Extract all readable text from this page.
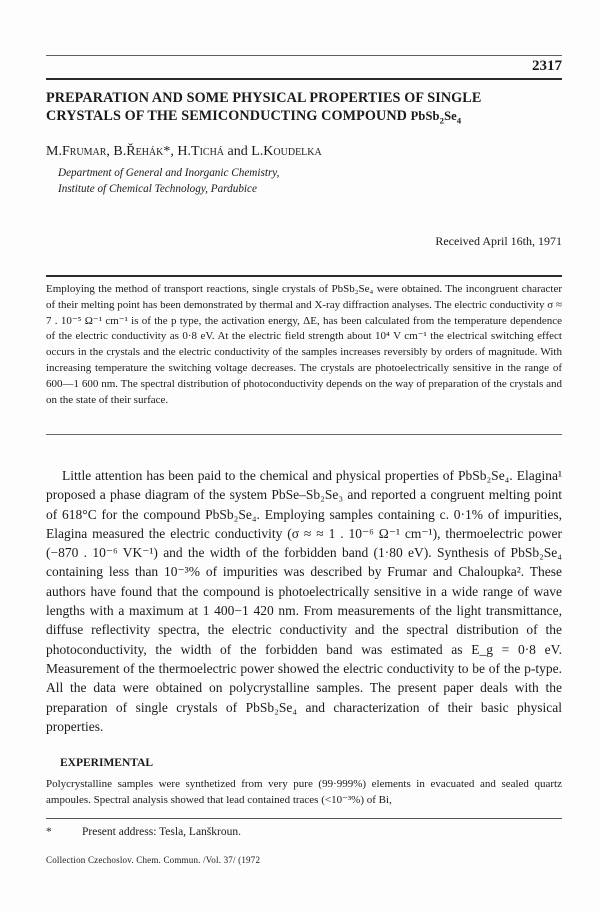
2317
PREPARATION AND SOME PHYSICAL PROPERTIES OF SINGLE
CRYSTALS OF THE SEMICONDUCTING COMPOUND $PbSb_2Se_4$
M.Frumar, B.Řehák*, H.Tichá and L.Koudelka
Department of General and Inorganic Chemistry,
Institute of Chemical Technology, Pardubice
Received April 16th, 1971
Employing the method of transport reactions, single crystals of PbSb₂Se₄ were obtained. The incongruent character of their melting point has been demonstrated by thermal and X-ray diffraction analyses. The electric conductivity σ ≈ 7 . 10⁻⁵ Ω⁻¹ cm⁻¹ is of the p type, the activation energy, ΔE, has been calculated from the temperature dependence of the electric conductivity as 0·8 eV. At the electric field strength about 10⁴ V cm⁻¹ the electrical switching effect occurs in the crystals and the electric conductivity of the samples increases reversibly by orders of magnitude. With increasing temperature the switching voltage decreases. The crystals are photoelectrically sensitive in the range of 600—1 600 nm. The spectral distribution of photoconductivity depends on the way of preparation of the crystals and on the state of their surface.
Little attention has been paid to the chemical and physical properties of PbSb₂Se₄. Elagina¹ proposed a phase diagram of the system PbSe–Sb₂Se₃ and reported a congruent melting point of 618°C for the compound PbSb₂Se₄. Employing samples containing c. 0·1% of impurities, Elagina measured the electric conductivity (σ ≈ ≈ 1 . 10⁻⁶ Ω⁻¹ cm⁻¹), thermoelectric power (−870 . 10⁻⁶ VK⁻¹) and the width of the forbidden band (1·80 eV). Synthesis of PbSb₂Se₄ containing less than 10⁻³% of impurities was described by Frumar and Chaloupka². These authors have found that the compound is photoelectrically sensitive in a wide range of wave lengths with a maximum at 1 400−1 420 nm. From measurements of the light transmittance, diffuse reflectivity spectra, the electric conductivity and the spectral distribution of the photoconductivity, the width of the forbidden band was estimated as E_g = 0·8 eV. Measurement of the thermoelectric power showed the electric conductivity to be of the p-type. All the data were obtained on polycrystalline samples. The present paper deals with the preparation of single crystals of PbSb₂Se₄ and characterization of their basic physical properties.
EXPERIMENTAL
Polycrystalline samples were synthetized from very pure (99·999%) elements in evacuated and sealed quartz ampoules. Spectral analysis showed that lead contained traces (<10⁻³%) of Bi,
*	Present address: Tesla, Lanškroun.
Collection Czechoslov. Chem. Commun. /Vol. 37/ (1972
